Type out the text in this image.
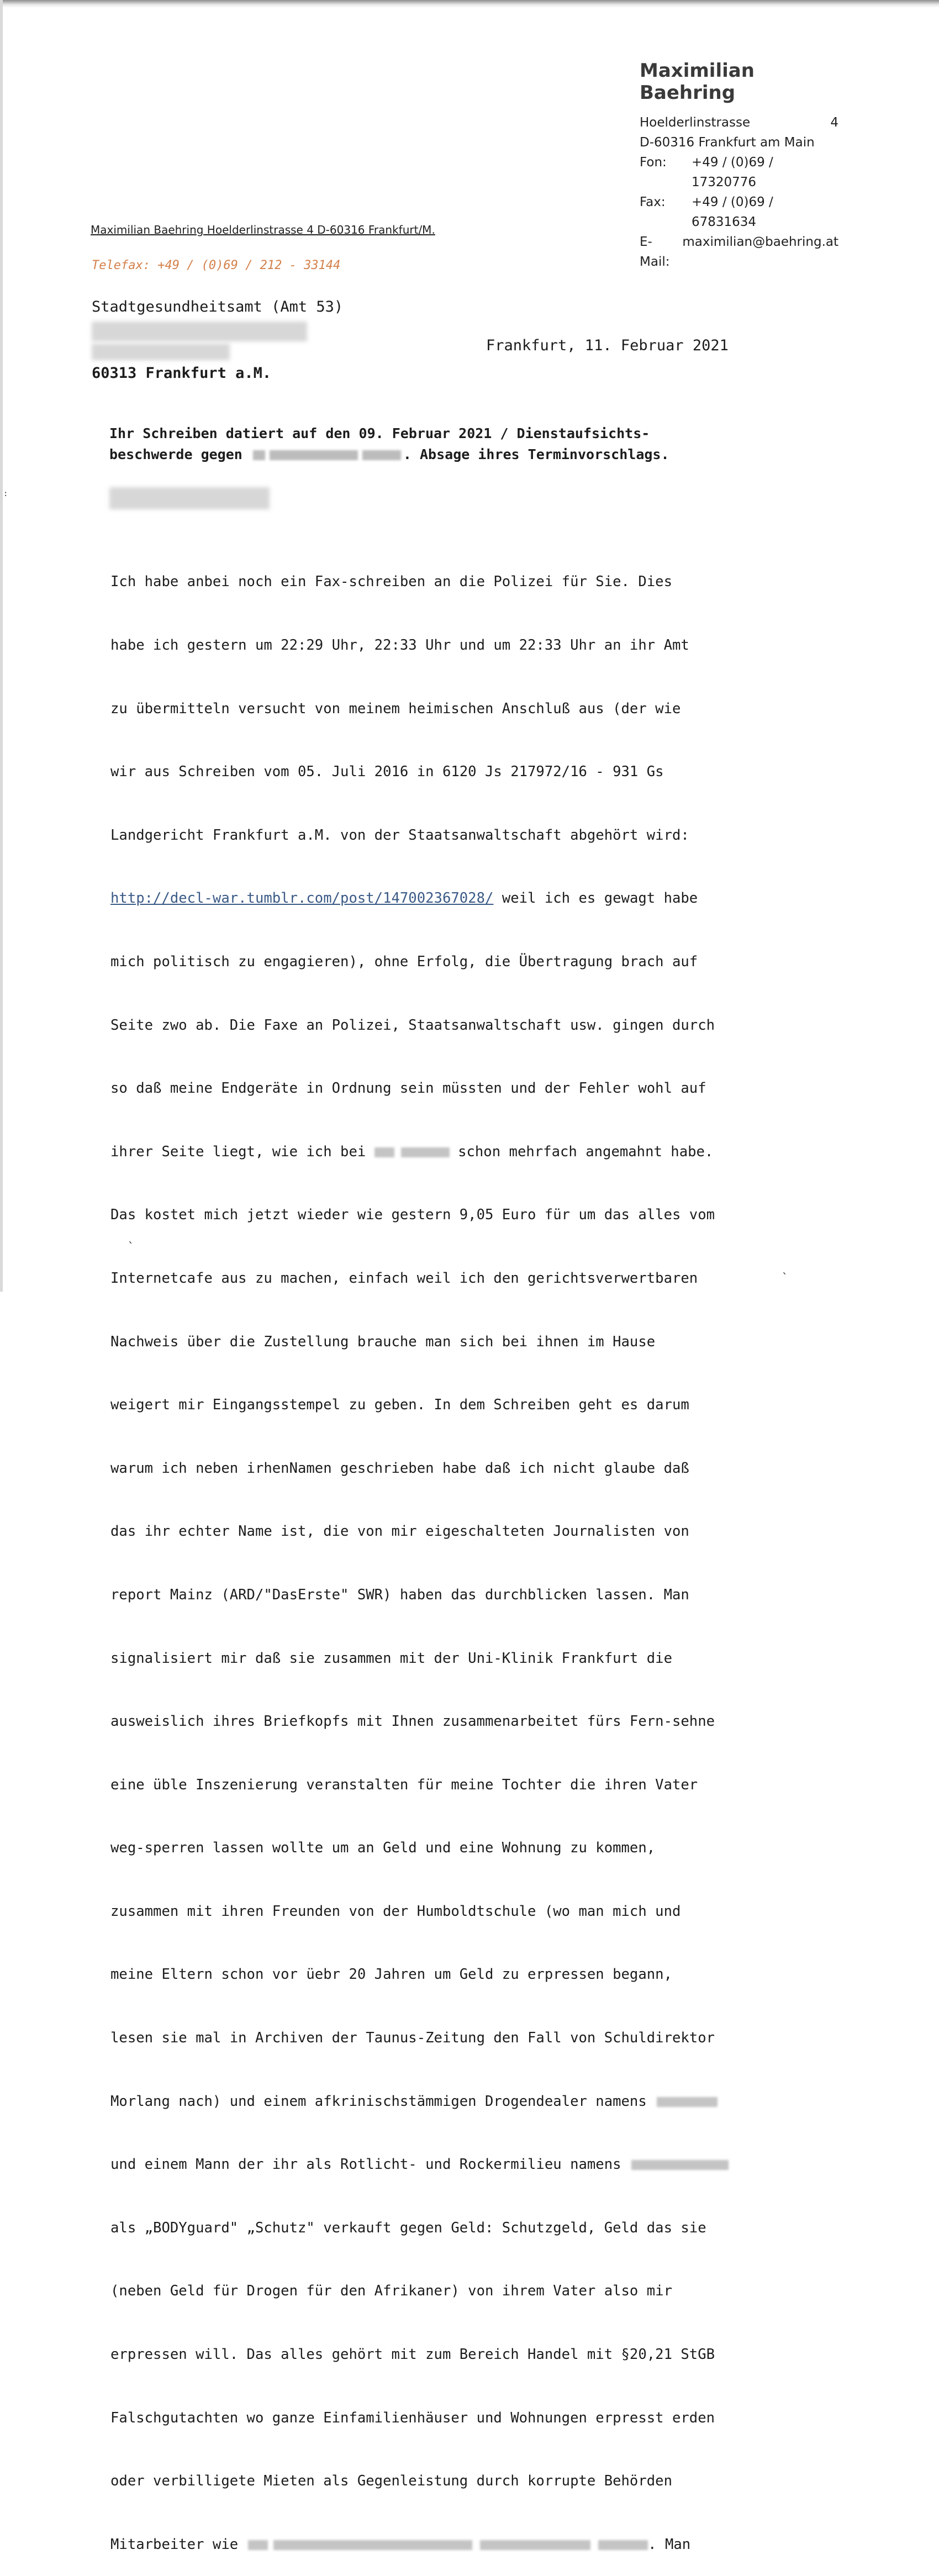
Maximilian Baehring
Hoelderlinstrasse	4
D-60316 Frankfurt am Main
Fon:	+49 / (0)69 / 17320776
Fax:	+49 / (0)69 / 67831634
E-Mail:
maximilian@baehring.at
Maximilian Baehring Hoelderlinstrasse 4 D-60316 Frankfurt/M.
Telefax: +49 / (0)69 / 212 - 33144
Stadtgesundheitsamt (Amt 53)
60313 Frankfurt a.M.
Frankfurt, 11. Februar 2021
Ihr Schreiben datiert auf den 09. Februar 2021 / Dienstaufsichts-
beschwerde gegen	. Absage ihres Terminvorschlags.

Ich habe anbei noch ein Fax-schreiben an die Polizei für Sie. Dies

habe ich gestern um 22:29 Uhr, 22:33 Uhr und um 22:33 Uhr an ihr Amt

zu übermitteln versucht von meinem heimischen Anschluß aus (der wie

wir aus Schreiben vom 05. Juli 2016 in 6120 Js 217972/16 - 931 Gs

Landgericht Frankfurt a.M. von der Staatsanwaltschaft abgehört wird:

http://decl-war.tumblr.com/post/147002367028/ weil ich es gewagt habe

mich politisch zu engagieren), ohne Erfolg, die Übertragung brach auf

Seite zwo ab. Die Faxe an Polizei, Staatsanwaltschaft usw. gingen durch

so daß meine Endgeräte in Ordnung sein müssten und der Fehler wohl auf

ihrer Seite liegt, wie ich bei	schon mehrfach angemahnt habe.

Das kostet mich jetzt wieder wie gestern 9,05 Euro für um das alles vom

Internetcafe aus zu machen, einfach weil ich den gerichtsverwertbaren

Nachweis über die Zustellung brauche man sich bei ihnen im Hause

weigert mir Eingangsstempel zu geben. In dem Schreiben geht es darum

warum ich neben irhenNamen geschrieben habe daß ich nicht glaube daß

das ihr echter Name ist, die von mir eigeschalteten Journalisten von

report Mainz (ARD/"DasErste" SWR) haben das durchblicken lassen. Man

signalisiert mir daß sie zusammen mit der Uni-Klinik Frankfurt die

ausweislich ihres Briefkopfs mit Ihnen zusammenarbeitet fürs Fern-sehne

eine üble Inszenierung veranstalten für meine Tochter die ihren Vater

weg-sperren lassen wollte um an Geld und eine Wohnung zu kommen,

zusammen mit ihren Freunden von der Humboldtschule (wo man mich und

meine Eltern schon vor üebr 20 Jahren um Geld zu erpressen begann,

lesen sie mal in Archiven der Taunus-Zeitung den Fall von Schuldirektor

Morlang nach) und einem afkrinischstämmigen Drogendealer namens

und einem Mann der ihr als Rotlicht- und Rockermilieu namens

als „BODYguard" „Schutz" verkauft gegen Geld: Schutzgeld, Geld das sie

(neben Geld für Drogen für den Afrikaner) von ihrem Vater also mir

erpressen will. Das alles gehört mit zum Bereich Handel mit §20,21 StGB

Falschgutachten wo ganze Einfamilienhäuser und Wohnungen erpresst erden

oder verbilligete Mieten als Gegenleistung durch korrupte Behörden

Mitarbeiter wie	. Man

ˎ
ˎ
:
